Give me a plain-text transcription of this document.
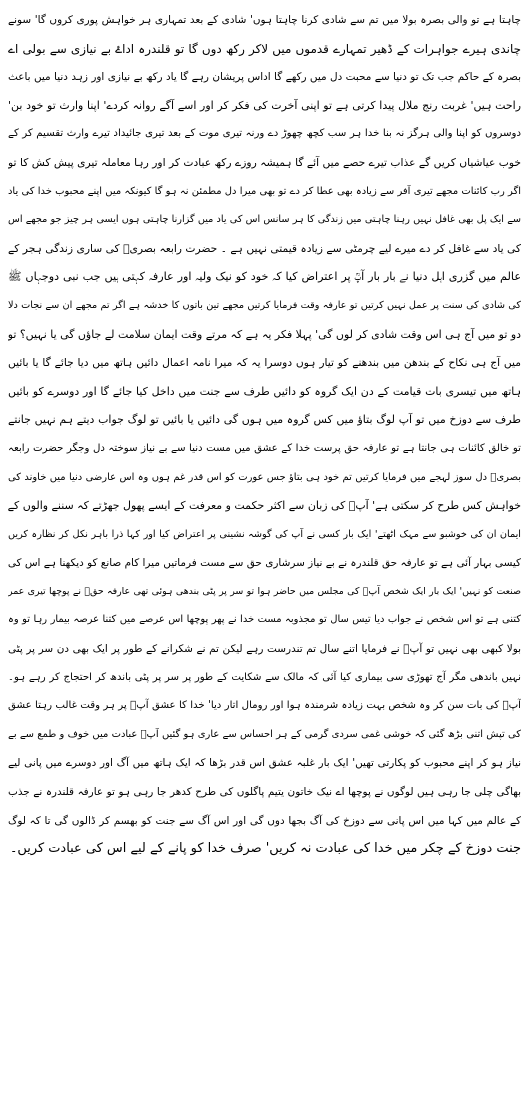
چاہتا ہے تو والی بصرہ بولا میں تم سے شادی کرنا چاہتا ہوں' شادی کے بعد تمہاری ہر خواہش پوری کروں گا' سونے
چاندی ہیرے جواہرات کے ڈھیر تمہارے قدموں میں لاکر رکھ دوں گا تو قلندرہ اداۓ بے نیازی سے بولی اے
بصرہ کے حاکم جب تک تو دنیا سے محبت دل میں رکھے گا اداس پریشان رہے گا یاد رکھ بے نیازی اور زہد دنیا میں باعث
راحت ہیں' غربت رنج ملال پیدا کرتی ہے تو اپنی آخرت کی فکر کر اور اسے آگے روانہ کردے' اپنا وارث تو خود بن'
دوسروں کو اپنا والی ہرگز نہ بنا خدا ہر سب کچھ چھوڑ دے ورنہ تیری موت کے بعد تیری جائیداد تیرے وارث تقسیم کر کے
خوب عیاشیاں کریں گے عذاب تیرے حصے میں آئے گا ہمیشہ روزے رکھ عبادت کر اور رہا معاملہ تیری پیش کش کا تو
اگر رب کائنات مجھے تیری آفر سے زیادہ بھی عطا کر دے تو بھی میرا دل مطمئن نہ ہو گا کیونکہ میں اپنے محبوب خدا کی یاد
سے ایک پل بھی غافل نہیں رہنا چاہتی میں زندگی کا ہر سانس اس کی یاد میں گزارنا چاہتی ہوں ایسی ہر چیز جو مجھے اس
کی یاد سے غافل کر دے میرے لیے چرمٹی سے زیادہ قیمتی نہیں ہے ۔ حضرت رابعہ بصریؒ کی ساری زندگی ہجر کے
عالم میں گزری اہل دنیا نے بار بار آپؒ پر اعتراض کیا کہ خود کو نیک ولیہ اور عارفہ کہتی ہیں جب نبی دوجہاں ﷺ
کی شادی کی سنت پر عمل نہیں کرتیں تو عارفہ وقت فرمایا کرتیں مجھے تین باتوں کا خدشہ ہے اگر تم مجھے ان سے نجات دلا
دو تو میں آج ہی اس وقت شادی کر لوں گی' پہلا فکر یہ ہے کہ مرتے وقت ایمان سلامت لے جاؤں گی یا نہیں؟ تو
میں آج ہی نکاح کے بندھن میں بندھنے کو تیار ہوں دوسرا یہ کہ میرا نامہ اعمال دائیں ہاتھ میں دیا جائے گا یا بائیں
ہاتھ میں تیسری بات قیامت کے دن ایک گروہ کو دائیں طرف سے جنت میں داخل کیا جائے گا اور دوسرے کو بائیں
طرف سے دوزخ میں تو آپ لوگ بتاؤ میں کس گروہ میں ہوں گی دائیں یا بائیں تو لوگ جواب دیتے ہم نہیں جانتے
تو خالق کائنات ہی جانتا ہے تو عارفہ حق پرست خدا کے عشق میں مست دنیا سے بے نیاز سوختہ دل وجگر حضرت رابعہ
بصریؒ دل سوز لہجے میں فرمایا کرتیں تم خود ہی بتاؤ جس عورت کو اس قدر غم ہوں وہ اس عارضی دنیا میں خاوند کی
خواہش کس طرح کر سکتی ہے' آپؒ کی زبان سے اکثر حکمت و معرفت کے ایسے پھول جھڑتے کہ سننے والوں کے
ایمان ان کی خوشبو سے مہک اٹھتے' ایک بار کسی نے آپ کی گوشہ نشینی پر اعتراض کیا اور کہا ذرا باہر نکل کر نظارہ کریں
کیسی بہار آئی ہے تو عارفہ حق قلندرہ نے بے نیاز سرشاری حق سے مست فرماتیں میرا کام صانع کو دیکھنا ہے اس کی
صنعت کو نہیں' ایک بار ایک شخص آپؒ کی مجلس میں حاضر ہوا تو سر پر پٹی بندھی ہوئی تھی عارفہ حقؒ نے پوچھا تیری عمر
کتنی ہے تو اس شخص نے جواب دیا تیس سال تو مجذوبہ مست خدا نے پھر پوچھا اس عرصے میں کتنا عرصہ بیمار رہا تو وہ
بولا کبھی بھی نہیں تو آپؒ نے فرمایا اتنے سال تم تندرست رہے لیکن تم نے شکرانے کے طور پر ایک بھی دن سر پر پٹی
نہیں باندھی مگر آج تھوڑی سی بیماری کیا آئی کہ مالک سے شکایت کے طور پر سر پر پٹی باندھ کر احتجاج کر رہے ہو۔
آپؒ کی بات سن کر وہ شخص بہت زیادہ شرمندہ ہوا اور رومال اتار دیا' خدا کا عشق آپؒ پر ہر وقت غالب رہتا عشق
کی تپش اتنی بڑھ گئی کہ خوشی غمی سردی گرمی کے ہر احساس سے عاری ہو گئیں آپؒ عبادت میں خوف و طمع سے بے
نیاز ہو کر اپنے محبوب کو پکارتی تھیں' ایک بار غلبہ عشق اس قدر بڑھا کہ ایک ہاتھ میں آگ اور دوسرے میں پانی لیے
بھاگی چلی جا رہی ہیں لوگوں نے پوچھا اے نیک خاتون یتیم پاگلوں کی طرح کدھر جا رہی ہو تو عارفہ قلندرہ نے جذب
کے عالم میں کہا میں اس پانی سے دوزخ کی آگ بجھا دوں گی اور اس آگ سے جنت کو بھسم کر ڈالوں گی تا کہ لوگ
جنت دوزخ کے چکر میں خدا کی عبادت نہ کریں' صرف خدا کو پانے کے لیے اس کی عبادت کریں۔
